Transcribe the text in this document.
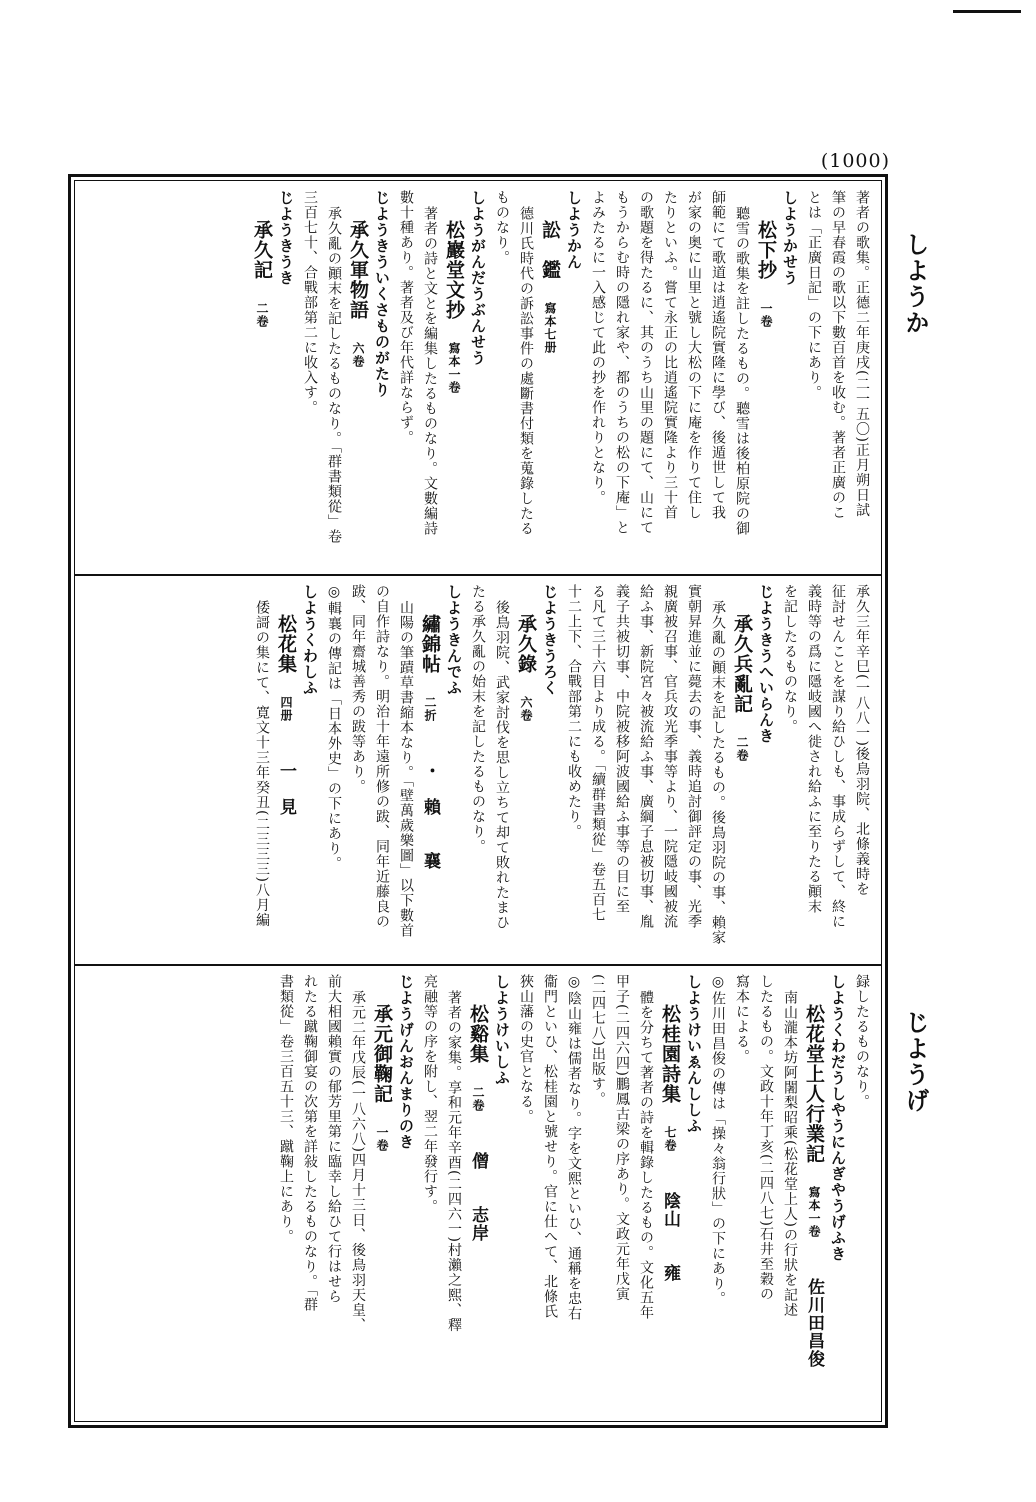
(1000)
しようか
じようげ
著者の歌集。正德二年庚戌(二一五〇)正月朔日試
筆の早春霞の歌以下數百首を收む。著者正廣のこ
とは「正廣日記」の下にあり。
しようかせう
松下抄一卷
聽雪の歌集を註したるもの。聽雪は後柏原院の御
師範にて歌道は逍遙院實隆に學び、後遁世して我
が家の奥に山里と號し大松の下に庵を作りて住し
たりといふ。嘗て永正の比逍遙院實隆より三十首
の歌題を得たるに、其のうち山里の題にて、山にて
もうからむ時の隱れ家や、都のうちの松の下庵」と
よみたるに一入感じて此の抄を作れりとなり。
しようかん
訟　鑑寫本七册
德川氏時代の訴訟事件の處斷書付類を蒐錄したる
ものなり。
しようがんだうぶんせう
松巖堂文抄寫本一卷
著者の詩と文とを編集したるものなり。文數編詩
數十種あり。著者及び年代詳ならず。
じようきういくさものがたり
承久軍物語六卷
承久亂の顚末を記したるものなり。「群書類從」卷
三百七十、合戰部第二に收入す。
じようきうき
承久記二卷
承久三年辛巳(一八八一)後鳥羽院、北條義時を
征討せんことを謀り給ひしも、事成らずして、終に
義時等の爲に隱岐國へ徙され給ふに至りたる顚末
を記したるものなり。
じようきうへいらんき
承久兵亂記二卷
承久亂の顚末を記したるもの。後鳥羽院の事、賴家
實朝昇進並に薨去の事、義時追討御評定の事、光季
親廣被召事、官兵攻光季事等より、一院隱岐國被流
給ふ事、新院宮々被流給ふ事、廣綱子息被切事、胤
義子共被切事、中院被移阿波國給ふ事等の目に至
る凡て三十六目より成る。「續群書類從」卷五百七
十二上下、合戰部第二にも收めたり。
じようきうろく
承久錄六卷
後鳥羽院、武家討伐を思し立ちて却て敗れたまひ
たる承久亂の始末を記したるものなり。
しようきんでふ
繡錦帖二折・　賴　　襄
山陽の筆蹟草書縮本なり。「壁萬歲樂圖」以下數首
の自作詩なり。明治十年遠所修の跋、同年近藤良の
跋、同年齋城善秀の跋等あり。
◎輯襄の傳記は「日本外史」の下にあり。
しようくわしふ
松花集四册一　見
倭謌の集にて、寛文十三年癸丑(二三三三)八月編
録したるものなり。
しようくわだうしやうにんぎやうげふき
松花堂上人行業記寫本一卷佐川田昌俊
南山瀧本坊阿闍梨昭乘(松花堂上人)の行狀を記述
したるもの。文政十年丁亥(二四八七)石井至穀の
寫本による。
◎佐川田昌俊の傳は「操々翁行狀」の下にあり。
しようけいゑんししふ
松桂園詩集七卷陰山　　雍
體を分ちて著者の詩を輯錄したるもの。文化五年
甲子(二四六四)鵬鳳古梁の序あり。文政元年戊寅
(二四七八)出版す。
◎陰山雍は儒者なり。字を文熙といひ、通稱を忠右
衞門といひ、松桂園と號せり。官に仕へて、北條氏
狹山藩の史官となる。
しようけいしふ
松谿集二卷僧　　志岸
著者の家集。享和元年辛酉(二四六一)村瀨之熙、釋
亮融等の序を附し、翌二年發行す。
じようげんおんまりのき
承元御鞠記一卷
承元二年戊辰(一八六八)四月十三日、後鳥羽天皇、
前大相國賴實の郁芳里第に臨幸し給ひて行はせら
れたる蹴鞠御宴の次第を詳敍したるものなり。「群
書類從」卷三百五十三、蹴鞠上にあり。
